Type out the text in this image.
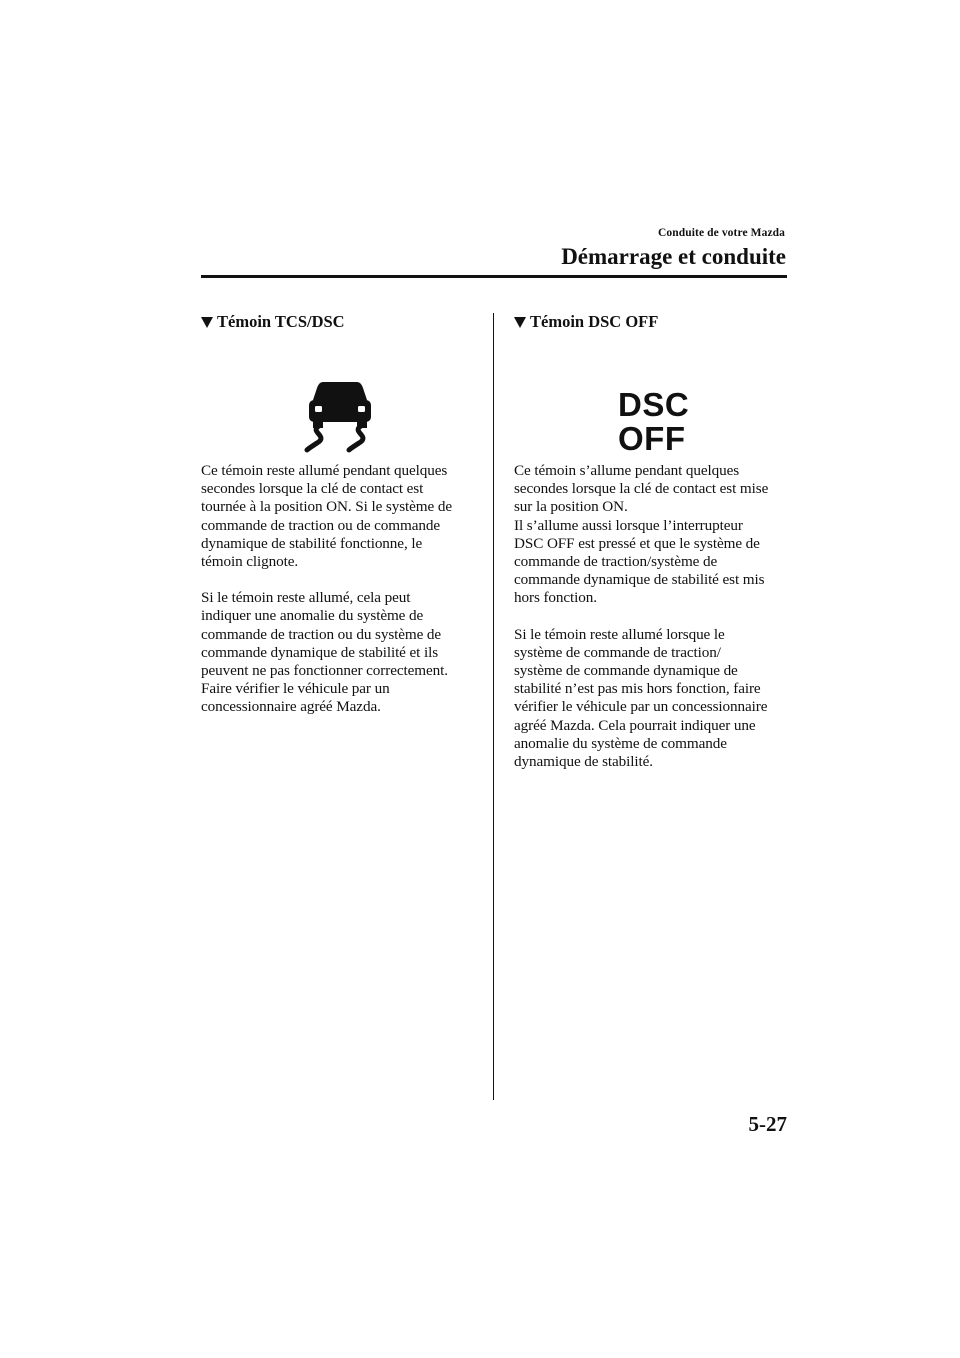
Conduite de votre Mazda
Démarrage et conduite
Témoin TCS/DSC

Ce témoin reste allumé pendant quelques
secondes lorsque la clé de contact est
tournée à la position ON. Si le système de
commande de traction ou de commande
dynamique de stabilité fonctionne, le
témoin clignote.

Si le témoin reste allumé, cela peut
indiquer une anomalie du système de
commande de traction ou du système de
commande dynamique de stabilité et ils
peuvent ne pas fonctionner correctement.
Faire vérifier le véhicule par un
concessionnaire agréé Mazda.

Témoin DSC OFF
DSC
OFF

Ce témoin s’allume pendant quelques
secondes lorsque la clé de contact est mise
sur la position ON.
Il s’allume aussi lorsque l’interrupteur
DSC OFF est pressé et que le système de
commande de traction/système de
commande dynamique de stabilité est mis
hors fonction.

Si le témoin reste allumé lorsque le
système de commande de traction/
système de commande dynamique de
stabilité n’est pas mis hors fonction, faire
vérifier le véhicule par un concessionnaire
agréé Mazda. Cela pourrait indiquer une
anomalie du système de commande
dynamique de stabilité.

5-27
